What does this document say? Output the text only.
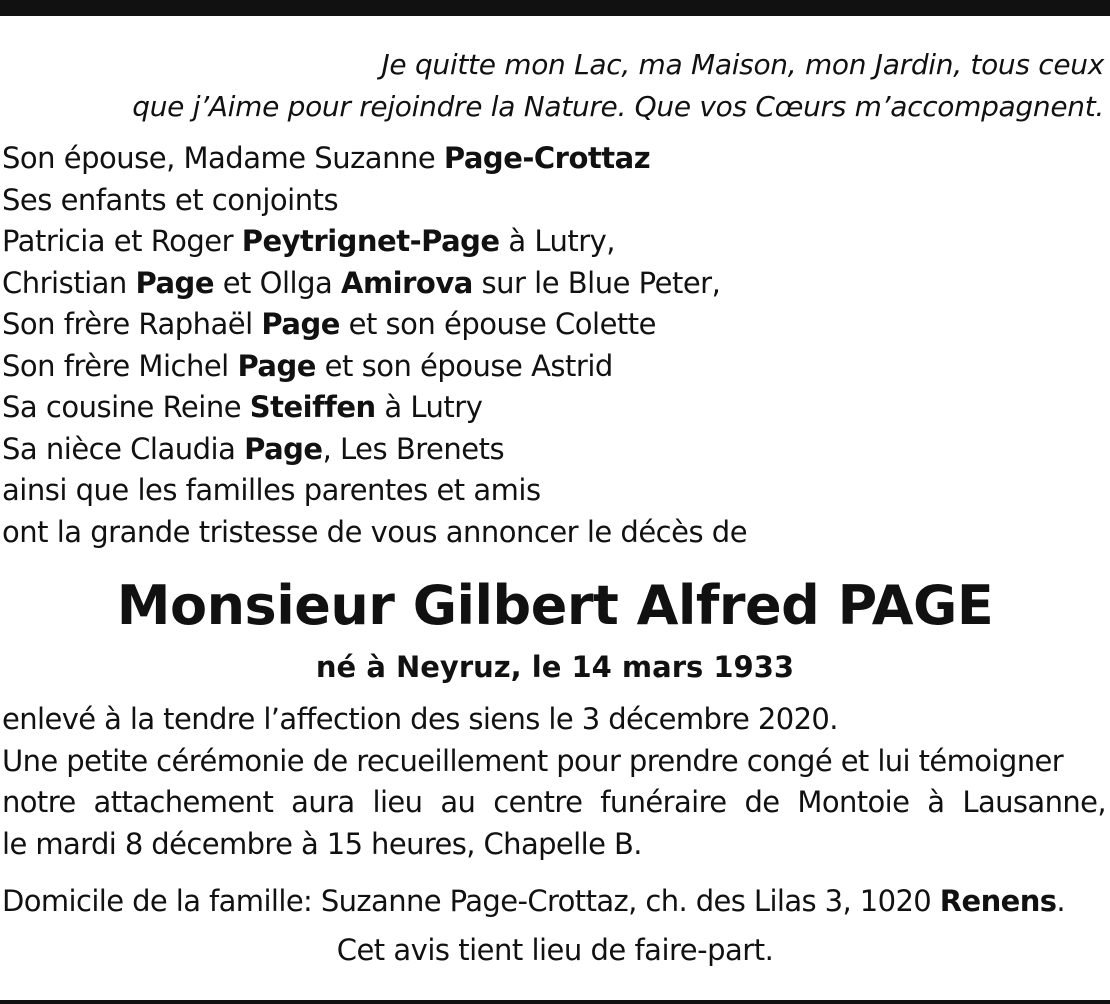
Je quitte mon Lac, ma Maison, mon Jardin, tous ceux
que j’Aime pour rejoindre la Nature. Que vos Cœurs m’accompagnent.
Son épouse, Madame Suzanne Page-Crottaz
Ses enfants et conjoints
Patricia et Roger Peytrignet-Page à Lutry,
Christian Page et Ollga Amirova sur le Blue Peter,
Son frère Raphaël Page et son épouse Colette
Son frère Michel Page et son épouse Astrid
Sa cousine Reine Steiffen à Lutry
Sa nièce Claudia Page, Les Brenets
ainsi que les familles parentes et amis
ont la grande tristesse de vous annoncer le décès de
Monsieur Gilbert Alfred PAGE
né à Neyruz, le 14 mars 1933
enlevé à la tendre l’affection des siens le 3 décembre 2020.
Une petite cérémonie de recueillement pour prendre congé et lui témoigner
notre attachement aura lieu au centre funéraire de Montoie à Lausanne,
le mardi 8 décembre à 15 heures, Chapelle B.
Domicile de la famille: Suzanne Page-Crottaz, ch. des Lilas 3, 1020 Renens.
Cet avis tient lieu de faire-part.
